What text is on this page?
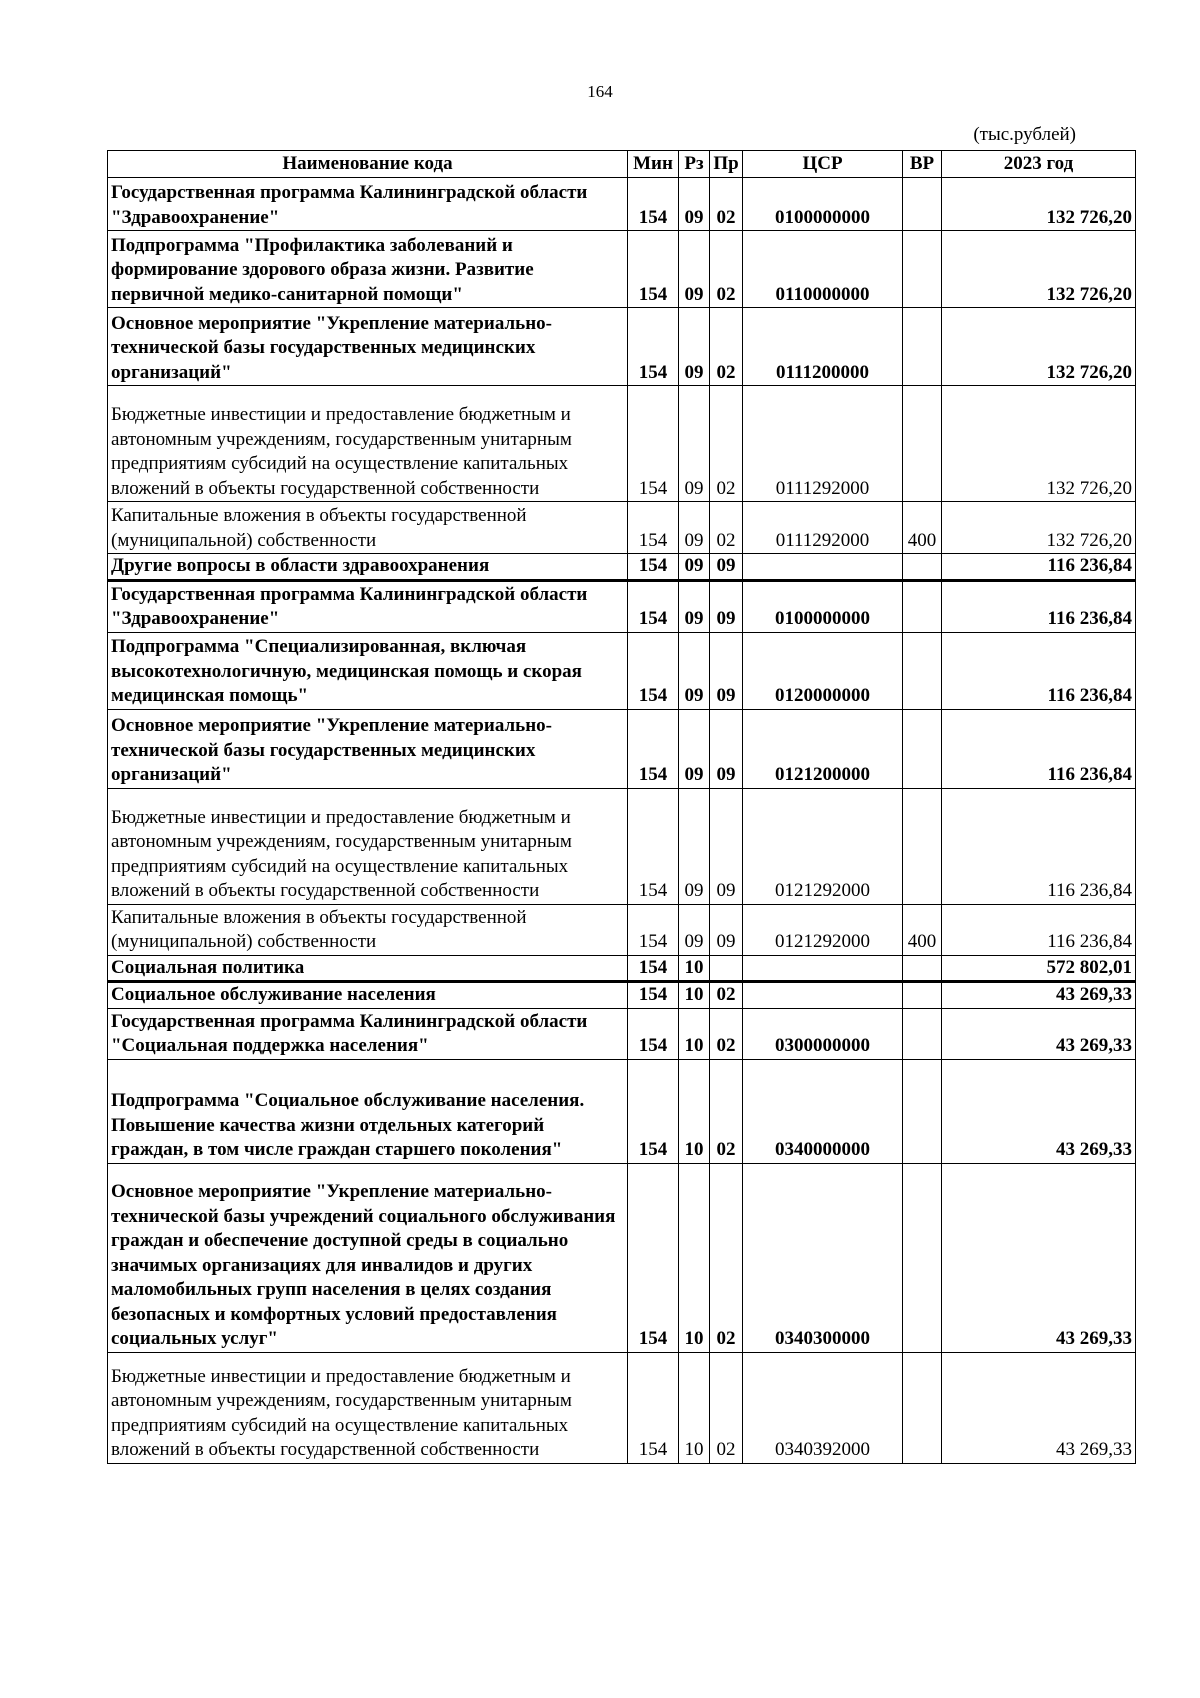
164
(тыс.рублей)
Наименование кода	Мин	Рз	Пр	ЦСР	ВР	2023 год
Государственная программа Калининградской области "Здравоохранение"	154	09	02	0100000000		132 726,20
Подпрограмма "Профилактика заболеваний и формирование здорового образа жизни. Развитие первичной медико-санитарной помощи"	154	09	02	0110000000		132 726,20
Основное мероприятие "Укрепление материально-технической базы государственных медицинских организаций"	154	09	02	0111200000		132 726,20
Бюджетные инвестиции и предоставление бюджетным и автономным учреждениям, государственным унитарным предприятиям субсидий на осуществление капитальных вложений в объекты государственной собственности	154	09	02	0111292000		132 726,20
Капитальные вложения в объекты государственной (муниципальной) собственности	154	09	02	0111292000	400	132 726,20
Другие вопросы в области здравоохранения	154	09	09			116 236,84
Государственная программа Калининградской области "Здравоохранение"	154	09	09	0100000000		116 236,84
Подпрограмма "Специализированная, включая высокотехнологичную, медицинская помощь и скорая медицинская помощь"	154	09	09	0120000000		116 236,84
Основное мероприятие "Укрепление материально-технической базы государственных медицинских организаций"	154	09	09	0121200000		116 236,84
Бюджетные инвестиции и предоставление бюджетным и автономным учреждениям, государственным унитарным предприятиям субсидий на осуществление капитальных вложений в объекты государственной собственности	154	09	09	0121292000		116 236,84
Капитальные вложения в объекты государственной (муниципальной) собственности	154	09	09	0121292000	400	116 236,84
Социальная политика	154	10				572 802,01
Социальное обслуживание населения	154	10	02			43 269,33
Государственная программа Калининградской области "Социальная поддержка населения"	154	10	02	0300000000		43 269,33
Подпрограмма "Социальное обслуживание населения. Повышение качества жизни отдельных категорий граждан, в том числе граждан старшего поколения"	154	10	02	0340000000		43 269,33
Основное мероприятие "Укрепление материально-технической базы учреждений социального обслуживания граждан и обеспечение доступной среды в социально значимых организациях для инвалидов и других маломобильных групп населения в целях создания безопасных и комфортных условий предоставления социальных услуг"	154	10	02	0340300000		43 269,33
Бюджетные инвестиции и предоставление бюджетным и автономным учреждениям, государственным унитарным предприятиям субсидий на осуществление капитальных вложений в объекты государственной собственности	154	10	02	0340392000		43 269,33
